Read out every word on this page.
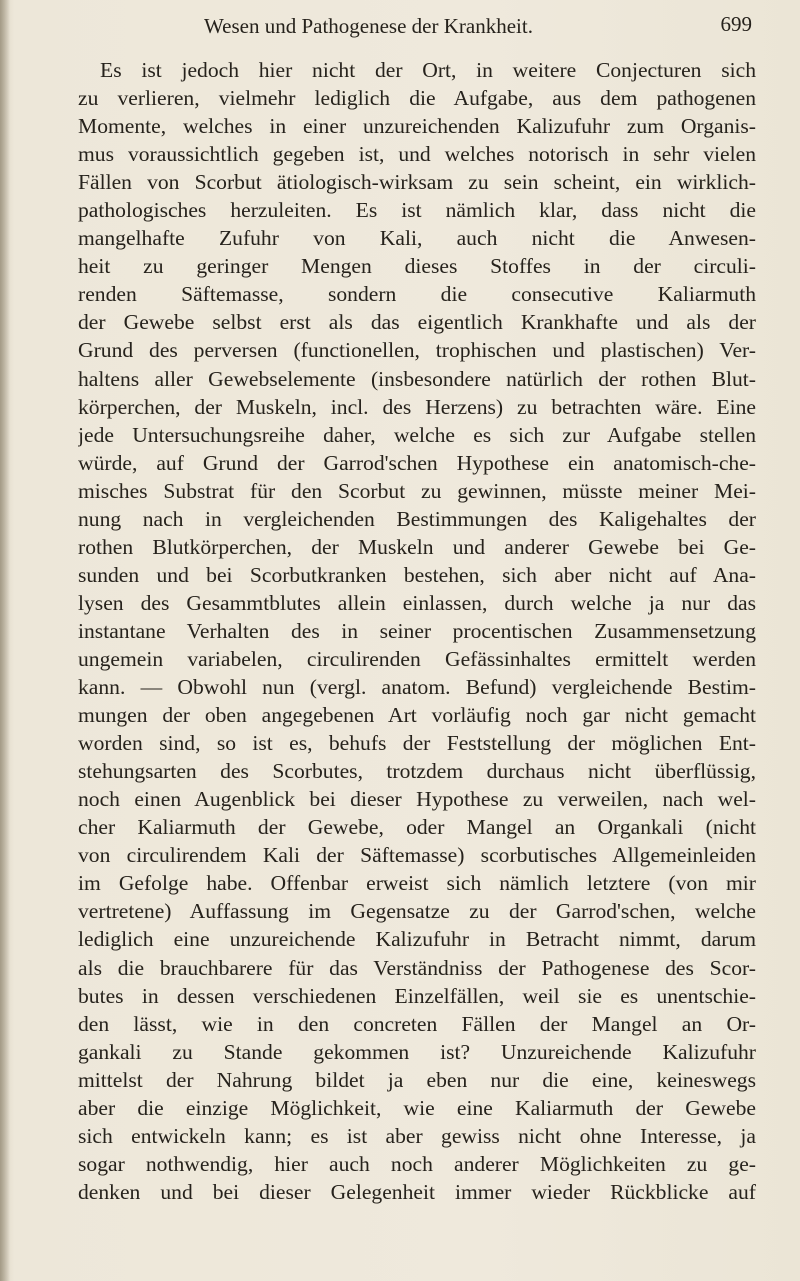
Wesen und Pathogenese der Krankheit.	699
Es ist jedoch hier nicht der Ort, in weitere Conjecturen sich
zu verlieren, vielmehr lediglich die Aufgabe, aus dem pathogenen
Momente, welches in einer unzureichenden Kalizufuhr zum Organis-
mus voraussichtlich gegeben ist, und welches notorisch in sehr vielen
Fällen von Scorbut ätiologisch-wirksam zu sein scheint, ein wirklich-
pathologisches herzuleiten. Es ist nämlich klar, dass nicht die
mangelhafte Zufuhr von Kali, auch nicht die Anwesen-
heit zu geringer Mengen dieses Stoffes in der circuli-
renden Säftemasse, sondern die consecutive Kaliarmuth
der Gewebe selbst erst als das eigentlich Krankhafte und als der
Grund des perversen (functionellen, trophischen und plastischen) Ver-
haltens aller Gewebselemente (insbesondere natürlich der rothen Blut-
körperchen, der Muskeln, incl. des Herzens) zu betrachten wäre. Eine
jede Untersuchungsreihe daher, welche es sich zur Aufgabe stellen
würde, auf Grund der Garrod'schen Hypothese ein anatomisch-che-
misches Substrat für den Scorbut zu gewinnen, müsste meiner Mei-
nung nach in vergleichenden Bestimmungen des Kaligehaltes der
rothen Blutkörperchen, der Muskeln und anderer Gewebe bei Ge-
sunden und bei Scorbutkranken bestehen, sich aber nicht auf Ana-
lysen des Gesammtblutes allein einlassen, durch welche ja nur das
instantane Verhalten des in seiner procentischen Zusammensetzung
ungemein variabelen, circulirenden Gefässinhaltes ermittelt werden
kann. — Obwohl nun (vergl. anatom. Befund) vergleichende Bestim-
mungen der oben angegebenen Art vorläufig noch gar nicht gemacht
worden sind, so ist es, behufs der Feststellung der möglichen Ent-
stehungsarten des Scorbutes, trotzdem durchaus nicht überflüssig,
noch einen Augenblick bei dieser Hypothese zu verweilen, nach wel-
cher Kaliarmuth der Gewebe, oder Mangel an Organkali (nicht
von circulirendem Kali der Säftemasse) scorbutisches Allgemeinleiden
im Gefolge habe. Offenbar erweist sich nämlich letztere (von mir
vertretene) Auffassung im Gegensatze zu der Garrod'schen, welche
lediglich eine unzureichende Kalizufuhr in Betracht nimmt, darum
als die brauchbarere für das Verständniss der Pathogenese des Scor-
butes in dessen verschiedenen Einzelfällen, weil sie es unentschie-
den lässt, wie in den concreten Fällen der Mangel an Or-
gankali zu Stande gekommen ist? Unzureichende Kalizufuhr
mittelst der Nahrung bildet ja eben nur die eine, keineswegs
aber die einzige Möglichkeit, wie eine Kaliarmuth der Gewebe
sich entwickeln kann; es ist aber gewiss nicht ohne Interesse, ja
sogar nothwendig, hier auch noch anderer Möglichkeiten zu ge-
denken und bei dieser Gelegenheit immer wieder Rückblicke auf
